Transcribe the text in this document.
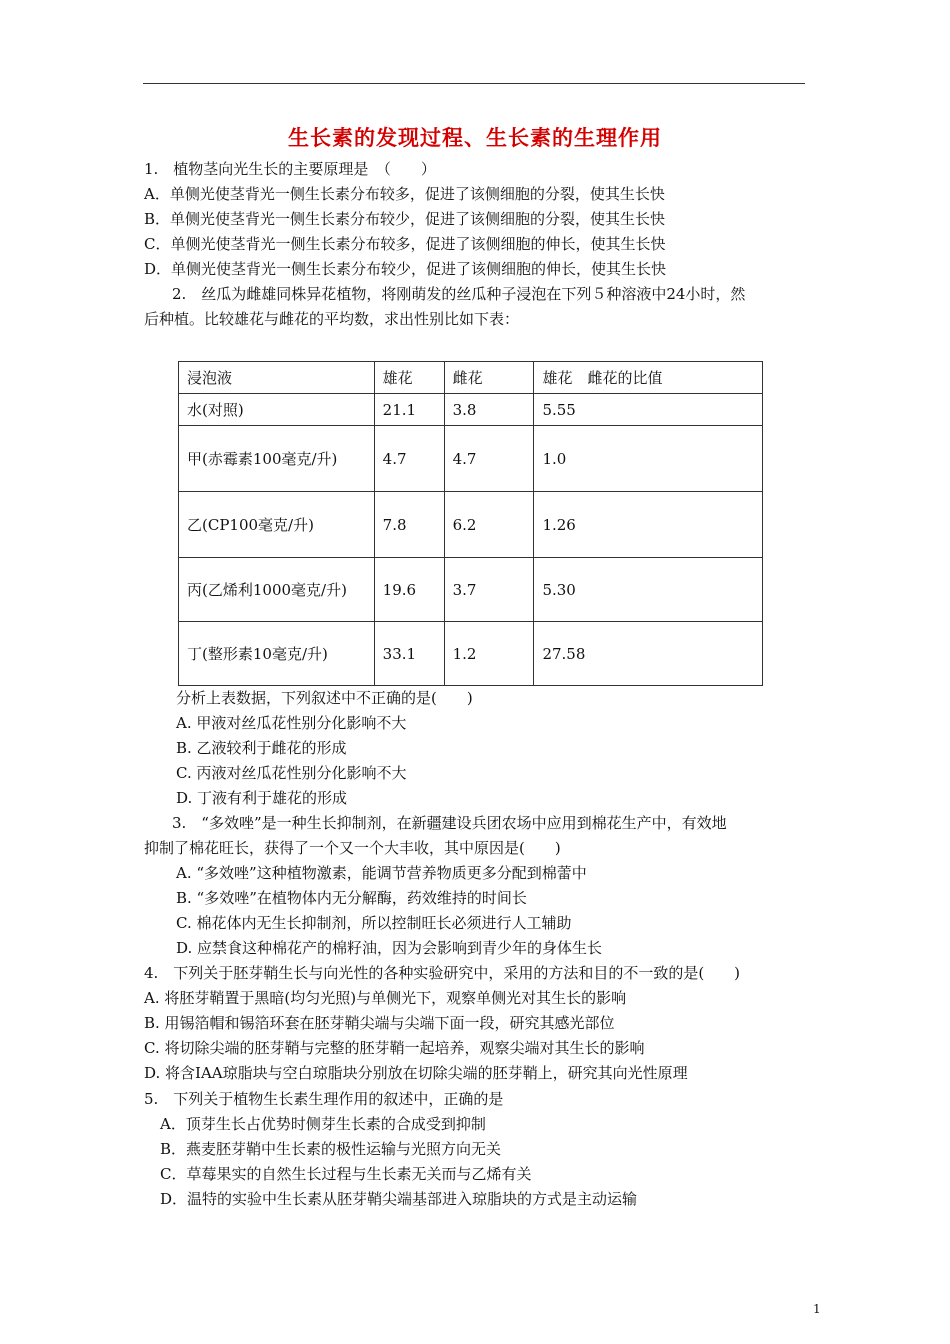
生长素的发现过程、生长素的生理作用
1.　植物茎向光生长的主要原理是　（　　）
A．单侧光使茎背光一侧生长素分布较多，促进了该侧细胞的分裂，使其生长快
B．单侧光使茎背光一侧生长素分布较少，促进了该侧细胞的分裂，使其生长快
C．单侧光使茎背光一侧生长素分布较多，促进了该侧细胞的伸长，使其生长快
D．单侧光使茎背光一侧生长素分布较少，促进了该侧细胞的伸长，使其生长快
2.　丝瓜为雌雄同株异花植物，将刚萌发的丝瓜种子浸泡在下列５种溶液中24小时，然
后种植。比较雄花与雌花的平均数，求出性别比如下表：
浸泡液	雄花	雌花	雄花　雌花的比值
水(对照)	21.1	3.8	5.55
甲(赤霉素100毫克/升)	4.7	4.7	1.0
乙(CP100毫克/升)	7.8	6.2	1.26
丙(乙烯利1000毫克/升)	19.6	3.7	5.30
丁(整形素10毫克/升)	33.1	1.2	27.58
分析上表数据，下列叙述中不正确的是(　　)
A. 甲液对丝瓜花性别分化影响不大
B. 乙液较利于雌花的形成
C. 丙液对丝瓜花性别分化影响不大
D. 丁液有利于雄花的形成
3.　“多效唑”是一种生长抑制剂，在新疆建设兵团农场中应用到棉花生产中，有效地
抑制了棉花旺长，获得了一个又一个大丰收，其中原因是(　　)
A. “多效唑”这种植物激素，能调节营养物质更多分配到棉蕾中
B. “多效唑”在植物体内无分解酶，药效维持的时间长
C. 棉花体内无生长抑制剂，所以控制旺长必须进行人工辅助
D. 应禁食这种棉花产的棉籽油，因为会影响到青少年的身体生长
4.　下列关于胚芽鞘生长与向光性的各种实验研究中，采用的方法和目的不一致的是(　　)
A. 将胚芽鞘置于黑暗(均匀光照)与单侧光下，观察单侧光对其生长的影响
B. 用锡箔帽和锡箔环套在胚芽鞘尖端与尖端下面一段，研究其感光部位
C. 将切除尖端的胚芽鞘与完整的胚芽鞘一起培养，观察尖端对其生长的影响
D. 将含IAA琼脂块与空白琼脂块分别放在切除尖端的胚芽鞘上，研究其向光性原理
5.　下列关于植物生长素生理作用的叙述中，正确的是
A．顶芽生长占优势时侧芽生长素的合成受到抑制
B．燕麦胚芽鞘中生长素的极性运输与光照方向无关
C．草莓果实的自然生长过程与生长素无关而与乙烯有关
D．温特的实验中生长素从胚芽鞘尖端基部进入琼脂块的方式是主动运输
1
